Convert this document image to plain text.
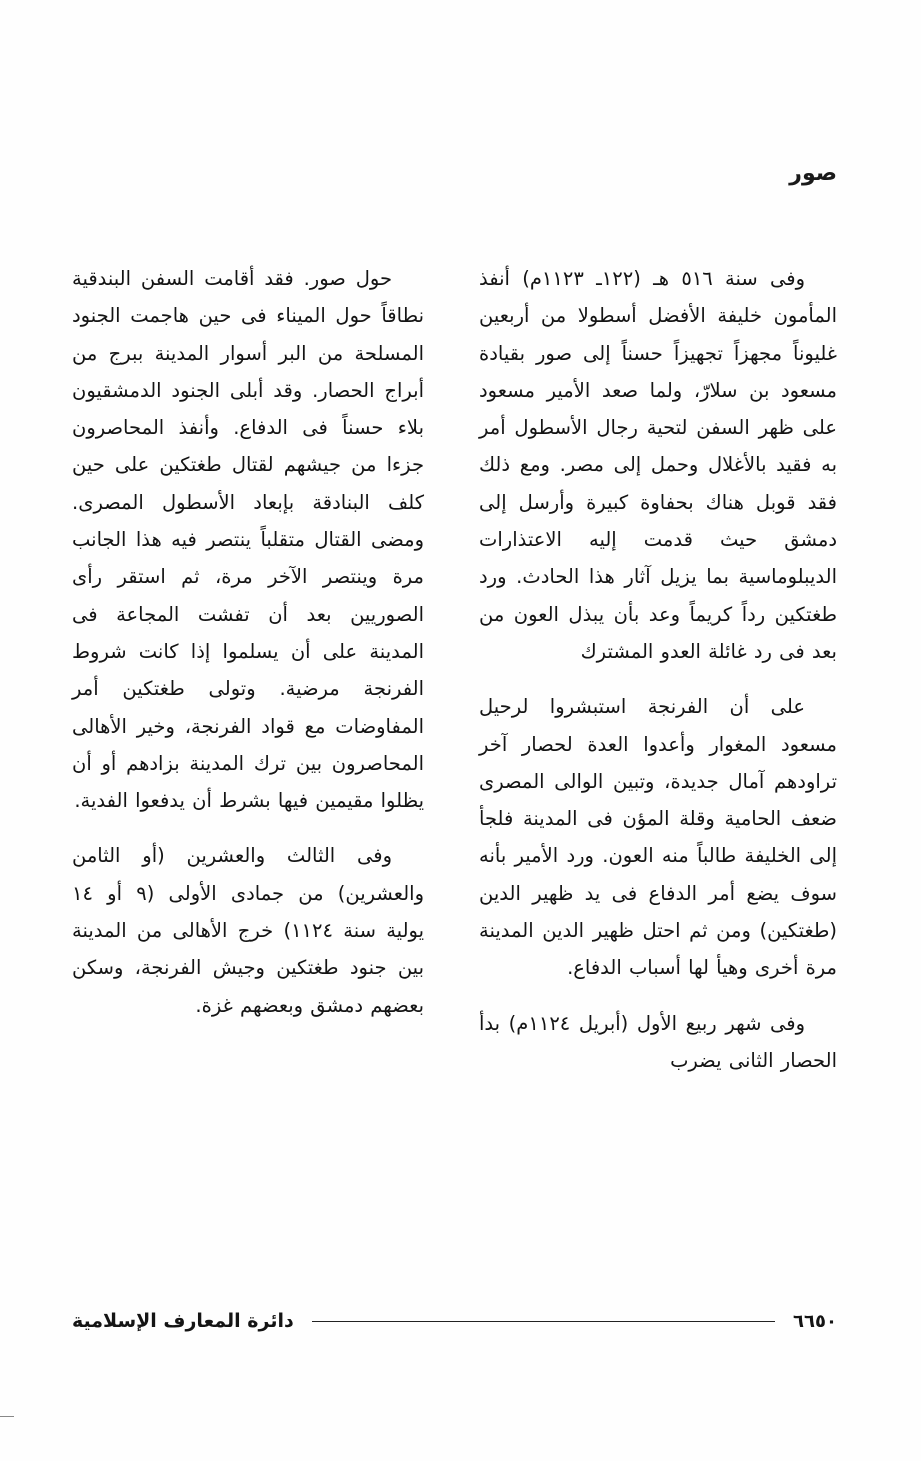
صور

وفى سنة ٥١٦ هـ (١٢٢ـ ١١٢٣م) أنفذ المأمون خليفة الأفضل أسطولا من أربعين غليوناً مجهزاً تجهيزاً حسناً إلى صور بقيادة مسعود بن سلارّ، ولما صعد الأمير مسعود على ظهر السفن لتحية رجال الأسطول أمر به فقيد بالأغلال وحمل إلى مصر. ومع ذلك فقد قوبل هناك بحفاوة كبيرة وأرسل إلى دمشق حيث قدمت إليه الاعتذارات الديبلوماسية بما يزيل آثار هذا الحادث. ورد طغتكين رداً كريماً وعد بأن يبذل العون من بعد فى رد غائلة العدو المشترك

على أن الفرنجة استبشروا لرحيل مسعود المغوار وأعدوا العدة لحصار آخر تراودهم آمال جديدة، وتبين الوالى المصرى ضعف الحامية وقلة المؤن فى المدينة فلجأ إلى الخليفة طالباً منه العون. ورد الأمير بأنه سوف يضع أمر الدفاع فى يد ظهير الدين (طغتكين) ومن ثم احتل ظهير الدين المدينة مرة أخرى وهيأ لها أسباب الدفاع.

وفى شهر ربيع الأول (أبريل ١١٢٤م) بدأ الحصار الثانى يضرب

حول صور. فقد أقامت السفن البندقية نطاقاً حول الميناء فى حين هاجمت الجنود المسلحة من البر أسوار المدينة ببرج من أبراج الحصار. وقد أبلى الجنود الدمشقيون بلاء حسناً فى الدفاع. وأنفذ المحاصرون جزءا من جيشهم لقتال طغتكين على حين كلف البنادقة بإبعاد الأسطول المصرى. ومضى القتال متقلباً ينتصر فيه هذا الجانب مرة وينتصر الآخر مرة، ثم استقر رأى الصوريين بعد أن تفشت المجاعة فى المدينة على أن يسلموا إذا كانت شروط الفرنجة مرضية. وتولى طغتكين أمر المفاوضات مع قواد الفرنجة، وخير الأهالى المحاصرون بين ترك المدينة بزادهم أو أن يظلوا مقيمين فيها بشرط أن يدفعوا الفدية.

وفى الثالث والعشرين (أو الثامن والعشرين) من جمادى الأولى (٩ أو ١٤ يولية سنة ١١٢٤) خرج الأهالى من المدينة بين جنود طغتكين وجيش الفرنجة، وسكن بعضهم دمشق وبعضهم غزة.

٦٦٥٠
دائرة المعارف الإسلامية
